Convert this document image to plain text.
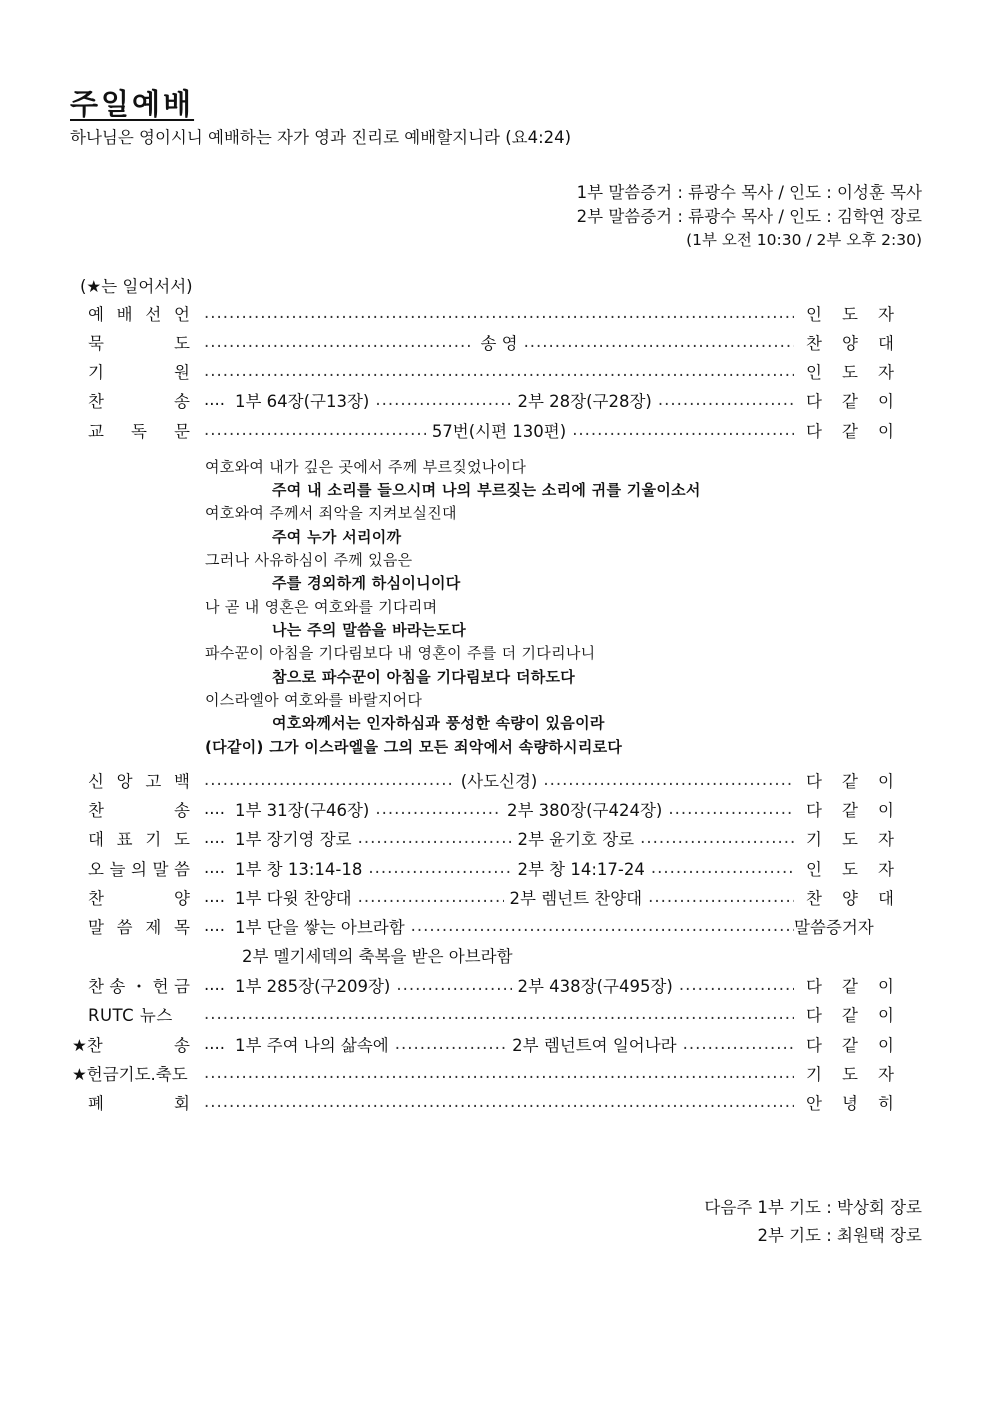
주일예배
하나님은 영이시니 예배하는 자가 영과 진리로 예배할지니라 (요4:24)
1부 말씀증거 : 류광수 목사 / 인도 : 이성훈 목사
2부 말씀증거 : 류광수 목사 / 인도 : 김학연 장로
(1부 오전 10:30 / 2부 오후 2:30)
(★는 일어서서)
예 배 선 언 .....	인 도 자
묵	도 .....	송 영 .....	찬 양 대
기	원 .....	인 도 자
찬	송 .... 1부 64장(구13장) .....	2부 28장(구28장) .....	다 같 이
교 독 문 .....	57번(시편 130편) .....	다 같 이
여호와여 내가 깊은 곳에서 주께 부르짖었나이다
주여 내 소리를 들으시며 나의 부르짖는 소리에 귀를 기울이소서
여호와여 주께서 죄악을 지켜보실진대
주여 누가 서리이까
그러나 사유하심이 주께 있음은
주를 경외하게 하심이니이다
나 곧 내 영혼은 여호와를 기다리며
나는 주의 말씀을 바라는도다
파수꾼이 아침을 기다림보다 내 영혼이 주를 더 기다리나니
참으로 파수꾼이 아침을 기다림보다 더하도다
이스라엘아 여호와를 바랄지어다
여호와께서는 인자하심과 풍성한 속량이 있음이라
(다같이) 그가 이스라엘을 그의 모든 죄악에서 속량하시리로다
신 앙 고 백 .....	(사도신경) .....	다 같 이
찬	송 .... 1부 31장(구46장) .....	2부 380장(구424장) .....	다 같 이
대 표 기 도 .... 1부 장기영 장로 .....	2부 윤기호 장로 .....	기 도 자
오 늘 의 말 씀 .... 1부 창 13:14-18 .....	2부 창 14:17-24 .....	인 도 자
찬	양 .... 1부 다윗 찬양대 .....	2부 렘넌트 찬양대 .....	찬 양 대
말 씀 제 목 .... 1부 단을 쌓는 아브라함 .....	말씀증거자
2부 멜기세덱의 축복을 받은 아브라함
찬 송 ・ 헌 금 .... 1부 285장(구209장) .....	2부 438장(구495장) .....	다 같 이
RUTC 뉴스 .....	다 같 이
★찬	송 .... 1부 주여 나의 삶속에 .....	2부 렘넌트여 일어나라 .....	다 같 이
★헌금기도.축도 .....	기 도 자
폐	회 .....	안 녕 히
다음주 1부 기도 : 박상회 장로
2부 기도 : 최원택 장로
